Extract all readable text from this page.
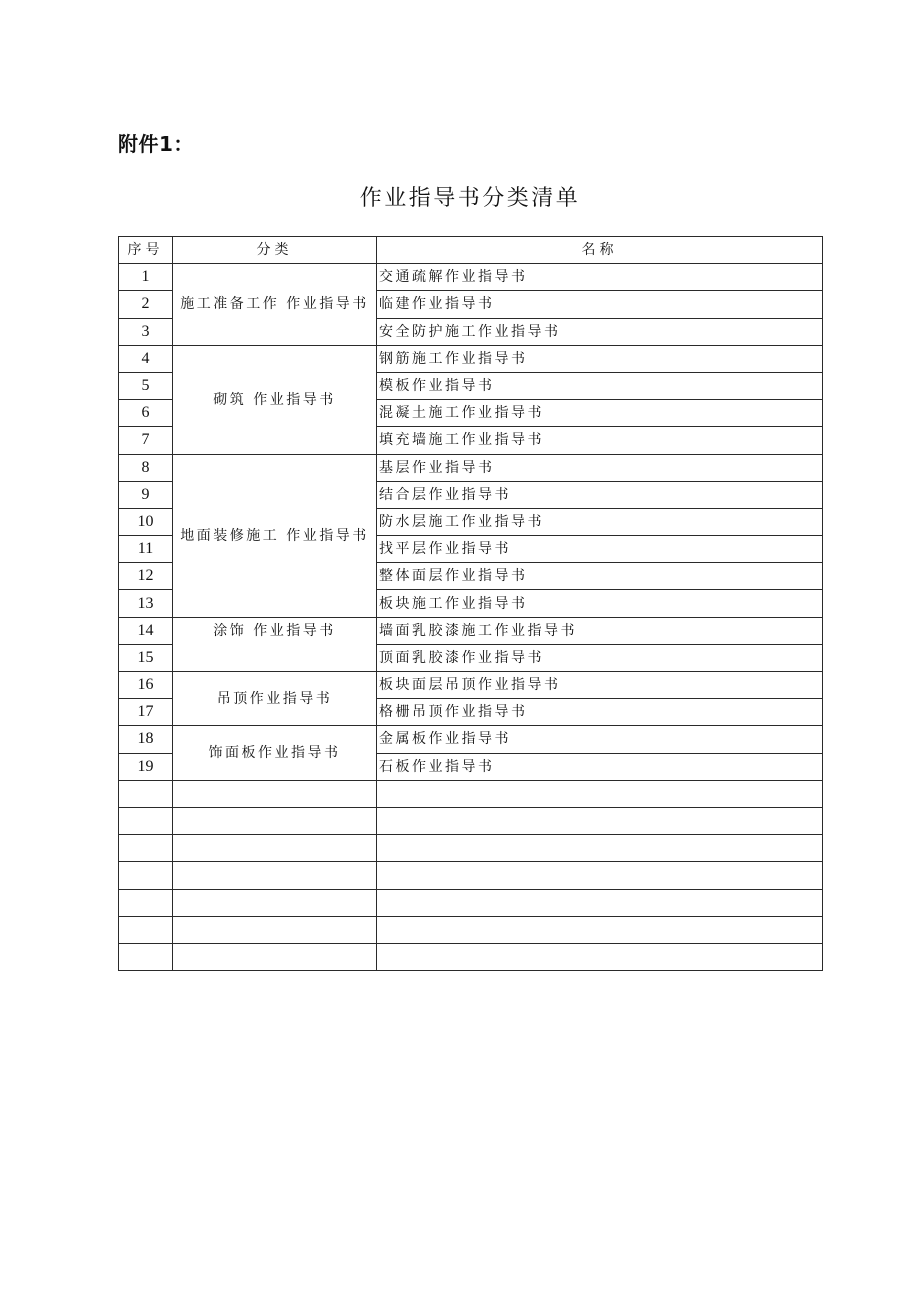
附件1：
作业指导书分类清单
序号	分类	名称
1	施工准备工作 作业指导书	交通疏解作业指导书
2		临建作业指导书
3		安全防护施工作业指导书
4	砌筑 作业指导书	钢筋施工作业指导书
5		模板作业指导书
6		混凝土施工作业指导书
7		填充墙施工作业指导书
8	地面装修施工 作业指导书	基层作业指导书
9		结合层作业指导书
10		防水层施工作业指导书
11		找平层作业指导书
12		整体面层作业指导书
13		板块施工作业指导书
14	涂饰 作业指导书	墙面乳胶漆施工作业指导书
15		顶面乳胶漆作业指导书
16	吊顶作业指导书	板块面层吊顶作业指导书
17		格栅吊顶作业指导书
18	饰面板作业指导书	金属板作业指导书
19		石板作业指导书
